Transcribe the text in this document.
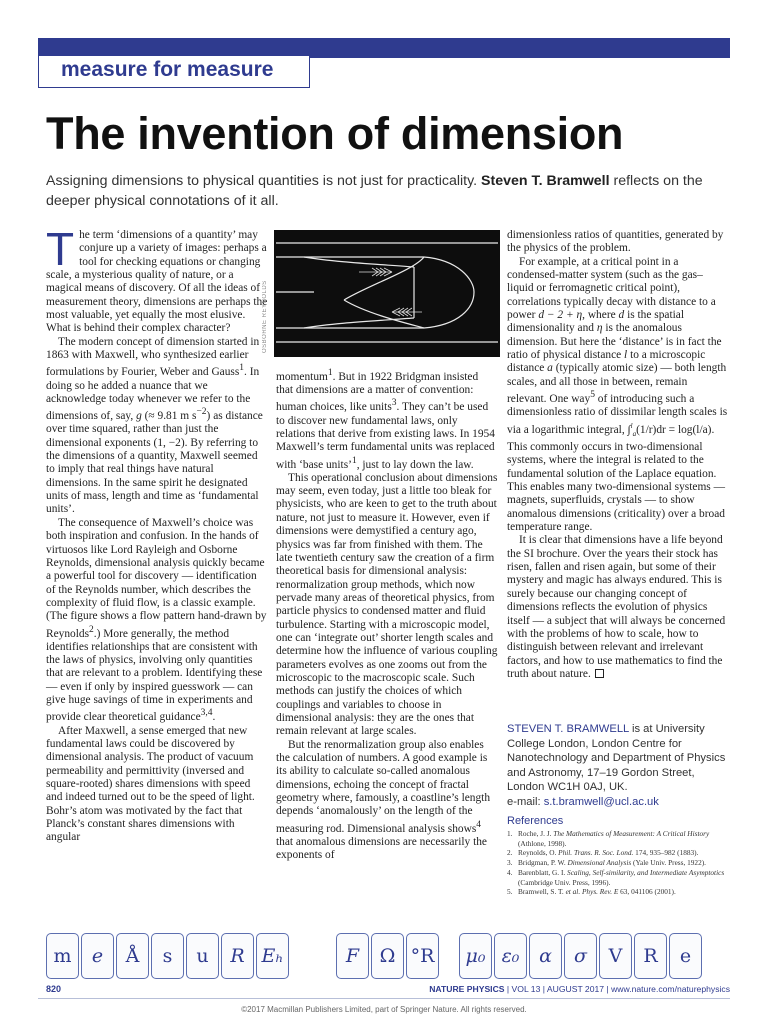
measure for measure
The invention of dimension

Assigning dimensions to physical quantities is not just for practicality. Steven T. Bramwell reflects on the deeper physical connotations of it all.

The term ‘dimensions of a quantity’ may conjure up a variety of images: perhaps a tool for checking equations or changing scale, a mysterious quality of nature, or a magical means of discovery. Of all the ideas of measurement theory, dimensions are perhaps the most valuable, yet equally the most elusive. What is behind their complex character?

The modern concept of dimension started in 1863 with Maxwell, who synthesized earlier formulations by Fourier, Weber and Gauss$^1$. In doing so he added a nuance that we acknowledge today whenever we refer to the dimensions of, say, g (≈ 9.81 m $s^{-2}$) as distance over time squared, rather than just the dimensional exponents (1, −2). By referring to the dimensions of a quantity, Maxwell seemed to imply that real things have natural dimensions. In the same spirit he designated units of mass, length and time as ‘fundamental units’.

The consequence of Maxwell’s choice was both inspiration and confusion. In the hands of virtuosos like Lord Rayleigh and Osborne Reynolds, dimensional analysis quickly became a powerful tool for discovery — identification of the Reynolds number, which describes the complexity of fluid flow, is a classic example. (The figure shows a flow pattern hand-drawn by Reynolds$^2$.) More generally, the method identifies relationships that are consistent with the laws of physics, involving only quantities that are relevant to a problem. Identifying these — even if only by inspired guesswork — can give huge savings of time in experiments and provide clear theoretical guidance$^{3,4}$.

After Maxwell, a sense emerged that new fundamental laws could be discovered by dimensional analysis. The product of vacuum permeability and permittivity (inversed and square-rooted) shares dimensions with speed and indeed turned out to be the speed of light. Bohr’s atom was motivated by the fact that Planck’s constant shares dimensions with angular

OSBORNE REYNOLDS

momentum$^1$. But in 1922 Bridgman insisted that dimensions are a matter of convention: human choices, like units$^3$. They can’t be used to discover new fundamental laws, only relations that derive from existing laws. In 1954 Maxwell’s term fundamental units was replaced with ‘base units’$^1$, just to lay down the law.

This operational conclusion about dimensions may seem, even today, just a little too bleak for physicists, who are keen to get to the truth about nature, not just to measure it. However, even if dimensions were demystified a century ago, physics was far from finished with them. The late twentieth century saw the creation of a firm theoretical basis for dimensional analysis: renormalization group methods, which now pervade many areas of theoretical physics, from particle physics to condensed matter and fluid turbulence. Starting with a microscopic model, one can ‘integrate out’ shorter length scales and determine how the influence of various coupling parameters evolves as one zooms out from the microscopic to the macroscopic scale. Such methods can justify the choices of which couplings and variables to choose in dimensional analysis: they are the ones that remain relevant at large scales.

But the renormalization group also enables the calculation of numbers. A good example is its ability to calculate so-called anomalous dimensions, echoing the concept of fractal geometry where, famously, a coastline’s length depends ‘anomalously’ on the length of the measuring rod. Dimensional analysis shows$^4$ that anomalous dimensions are necessarily the exponents of

dimensionless ratios of quantities, generated by the physics of the problem.

For example, at a critical point in a condensed-matter system (such as the gas–liquid or ferromagnetic critical point), correlations typically decay with distance to a power d − 2 + η, where d is the spatial dimensionality and η is the anomalous dimension. But here the ‘distance’ is in fact the ratio of physical distance l to a microscopic distance a (typically atomic size) — both length scales, and all those in between, remain relevant. One way$^5$ of introducing such a dimensionless ratio of dissimilar length scales is via a logarithmic integral, ∫$^l_a$(1/r)dr = log(l/a). This commonly occurs in two-dimensional systems, where the integral is related to the fundamental solution of the Laplace equation. This enables many two-dimensional systems — magnets, superfluids, crystals — to show anomalous dimensions (criticality) over a broad temperature range.

It is clear that dimensions have a life beyond the SI brochure. Over the years their stock has risen, fallen and risen again, but some of their mystery and magic has always endured. This is surely because our changing concept of dimensions reflects the evolution of physics itself — a subject that will always be concerned with the problems of how to scale, how to distinguish between relevant and irrelevant factors, and how to use mathematics to find the truth about nature.

STEVEN T. BRAMWELL is at University College London, London Centre for Nanotechnology and Department of Physics and Astronomy, 17–19 Gordon Street, London WC1H 0AJ, UK.
e-mail: s.t.bramwell@ucl.ac.uk
References
1. Roche, J. J. The Mathematics of Measurement: A Critical History (Athlone, 1998).
2. Reynolds, O. Phil. Trans. R. Soc. Lond. 174, 935–982 (1883).
3. Bridgman, P. W. Dimensional Analysis (Yale Univ. Press, 1922).
4. Barenblatt, G. I. Scaling, Self-similarity, and Intermediate Asymptotics (Cambridge Univ. Press, 1996).
5. Bramwell, S. T. et al. Phys. Rev. E 63, 041106 (2001).
m	e	Å	s	u	R Eₕ	F	Ω °R	μ₀ ε₀	α	σ	V	R	e
820	NATURE PHYSICS | VOL 13 | AUGUST 2017 | www.nature.com/naturephysics
©2017 Macmillan Publishers Limited, part of Springer Nature. All rights reserved.
